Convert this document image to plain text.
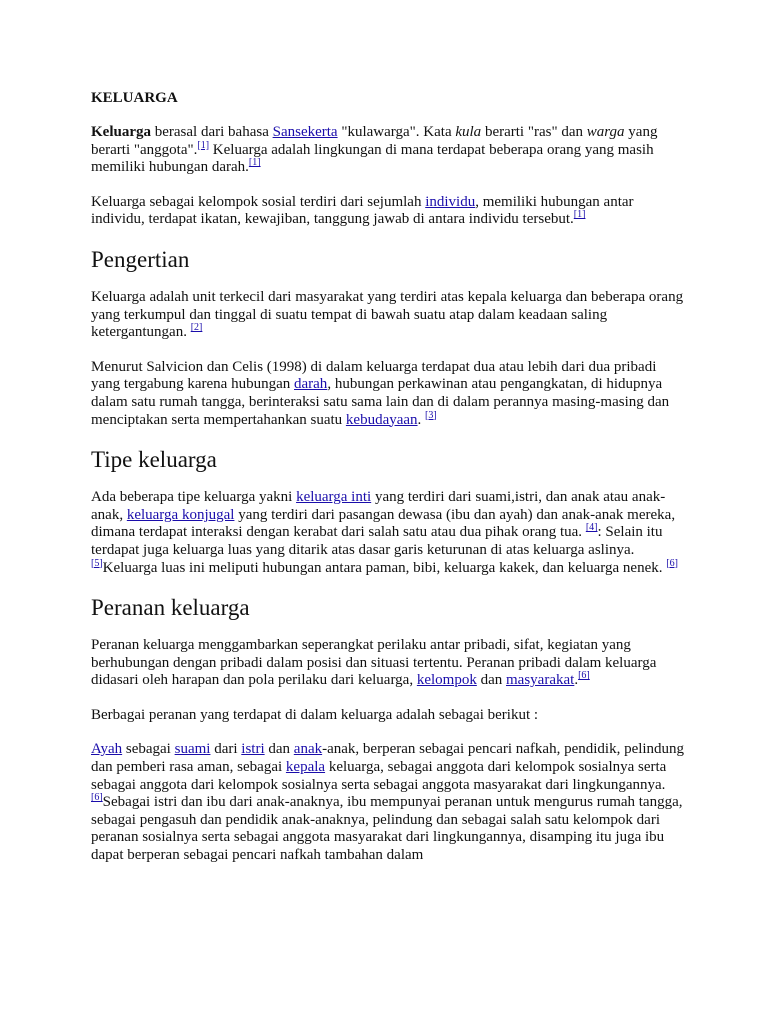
KELUARGA

Keluarga berasal dari bahasa Sansekerta "kulawarga". Kata kula berarti "ras" dan warga yang berarti "anggota".[1] Keluarga adalah lingkungan di mana terdapat beberapa orang yang masih memiliki hubungan darah.[1]

Keluarga sebagai kelompok sosial terdiri dari sejumlah individu, memiliki hubungan antar individu, terdapat ikatan, kewajiban, tanggung jawab di antara individu tersebut.[1]

Pengertian

Keluarga adalah unit terkecil dari masyarakat yang terdiri atas kepala keluarga dan beberapa orang yang terkumpul dan tinggal di suatu tempat di bawah suatu atap dalam keadaan saling ketergantungan. [2]

Menurut Salvicion dan Celis (1998) di dalam keluarga terdapat dua atau lebih dari dua pribadi yang tergabung karena hubungan darah, hubungan perkawinan atau pengangkatan, di hidupnya dalam satu rumah tangga, berinteraksi satu sama lain dan di dalam perannya masing-masing dan menciptakan serta mempertahankan suatu kebudayaan. [3]

Tipe keluarga

Ada beberapa tipe keluarga yakni keluarga inti yang terdiri dari suami,istri, dan anak atau anak-anak, keluarga konjugal yang terdiri dari pasangan dewasa (ibu dan ayah) dan anak-anak mereka, dimana terdapat interaksi dengan kerabat dari salah satu atau dua pihak orang tua. [4]: Selain itu terdapat juga keluarga luas yang ditarik atas dasar garis keturunan di atas keluarga aslinya.[5]Keluarga luas ini meliputi hubungan antara paman, bibi, keluarga kakek, dan keluarga nenek. [6]

Peranan keluarga

Peranan keluarga menggambarkan seperangkat perilaku antar pribadi, sifat, kegiatan yang berhubungan dengan pribadi dalam posisi dan situasi tertentu. Peranan pribadi dalam keluarga didasari oleh harapan dan pola perilaku dari keluarga, kelompok dan masyarakat.[6]

Berbagai peranan yang terdapat di dalam keluarga adalah sebagai berikut :

Ayah sebagai suami dari istri dan anak-anak, berperan sebagai pencari nafkah, pendidik, pelindung dan pemberi rasa aman, sebagai kepala keluarga, sebagai anggota dari kelompok sosialnya serta sebagai anggota dari kelompok sosialnya serta sebagai anggota masyarakat dari lingkungannya.[6]Sebagai istri dan ibu dari anak-anaknya, ibu mempunyai peranan untuk mengurus rumah tangga, sebagai pengasuh dan pendidik anak-anaknya, pelindung dan sebagai salah satu kelompok dari peranan sosialnya serta sebagai anggota masyarakat dari lingkungannya, disamping itu juga ibu dapat berperan sebagai pencari nafkah tambahan dalam
